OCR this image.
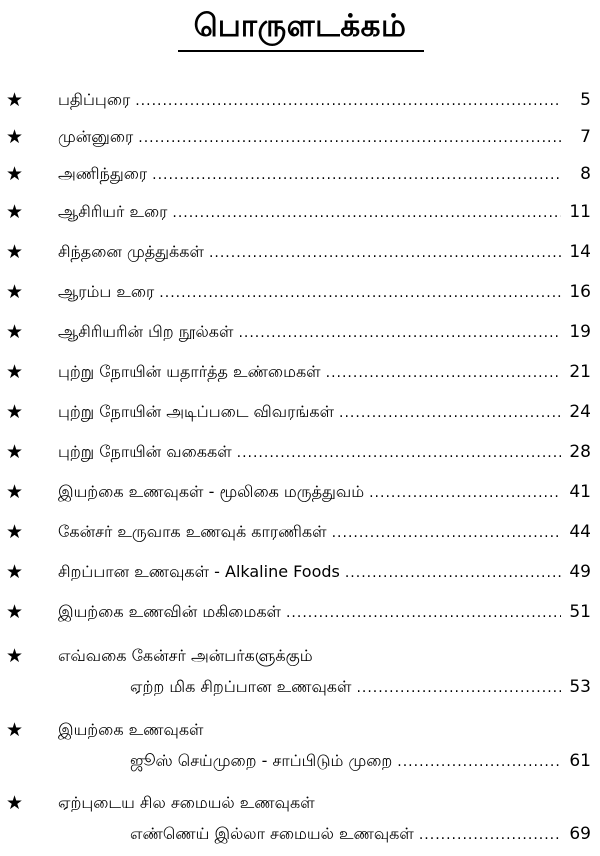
பொருளடக்கம்
★ பதிப்புரை .....	5
★ முன்னுரை .....	7
★ அணிந்துரை .....	8
★ ஆசிரியர் உரை .....	11
★ சிந்தனை முத்துக்கள் .....	14
★ ஆரம்ப உரை .....	16
★ ஆசிரியரின் பிற நூல்கள் .....	19
★ புற்று நோயின் யதார்த்த உண்மைகள் .....	21
★ புற்று நோயின் அடிப்படை விவரங்கள் .....	24
★ புற்று நோயின் வகைகள் .....	28
★ இயற்கை உணவுகள் - மூலிகை மருத்துவம் .....	41
★ கேன்சர் உருவாக உணவுக் காரணிகள் .....	44
★ சிறப்பான உணவுகள் - Alkaline Foods .....	49
★ இயற்கை உணவின் மகிமைகள் .....	51
★ எவ்வகை கேன்சர் அன்பர்களுக்கும்
ஏற்ற மிக சிறப்பான உணவுகள் .....	53
★ இயற்கை உணவுகள்
ஜூஸ் செய்முறை - சாப்பிடும் முறை .....	61
★ ஏற்புடைய சில சமையல் உணவுகள்
எண்ணெய் இல்லா சமையல் உணவுகள் .....	69
